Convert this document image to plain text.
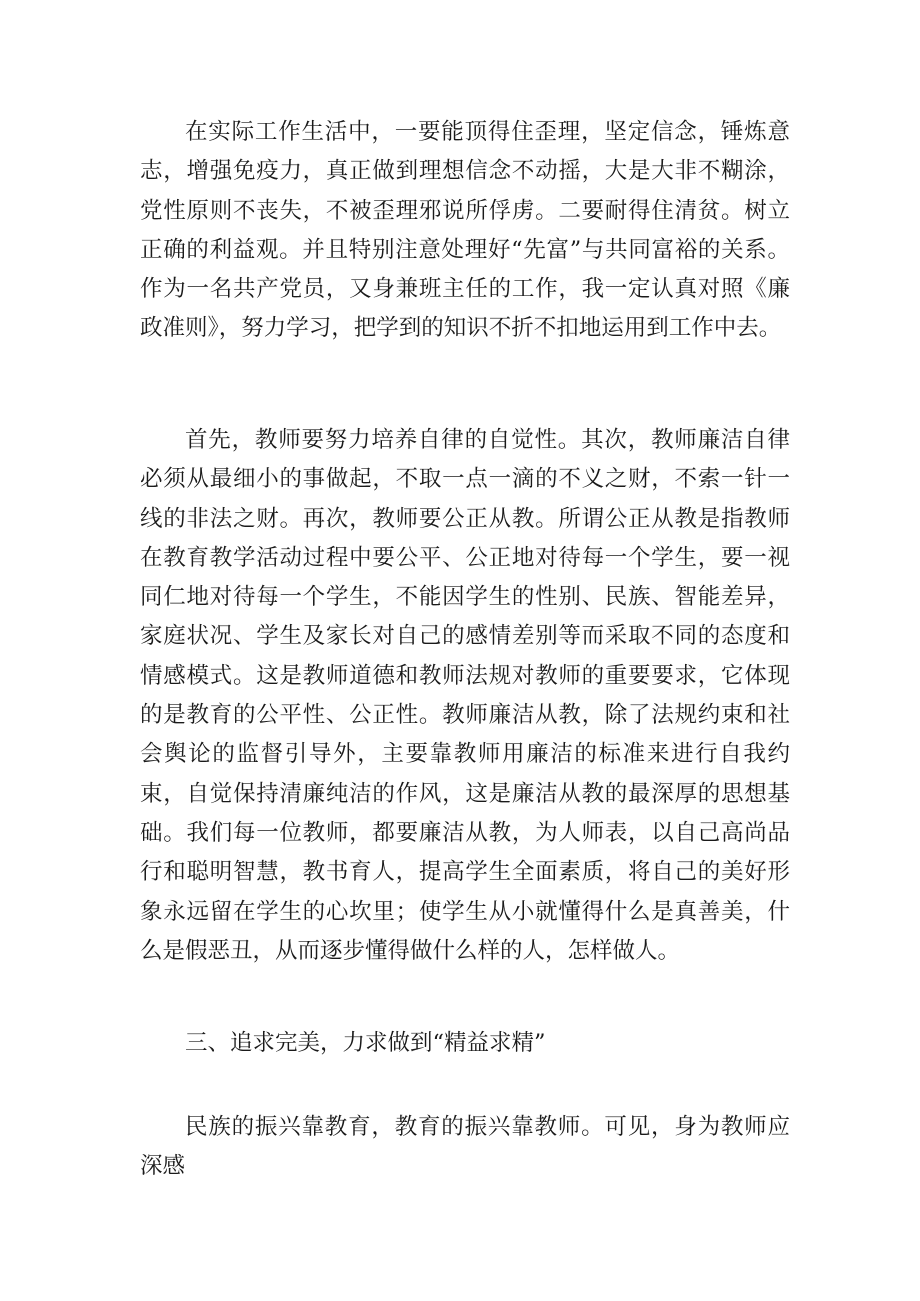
在实际工作生活中，一要能顶得住歪理，坚定信念，锤炼意志，增强免疫力，真正做到理想信念不动摇，大是大非不糊涂，党性原则不丧失，不被歪理邪说所俘虏。二要耐得住清贫。树立正确的利益观。并且特别注意处理好“先富”与共同富裕的关系。作为一名共产党员，又身兼班主任的工作，我一定认真对照《廉政准则》，努力学习，把学到的知识不折不扣地运用到工作中去。

首先，教师要努力培养自律的自觉性。其次，教师廉洁自律必须从最细小的事做起，不取一点一滴的不义之财，不索一针一线的非法之财。再次，教师要公正从教。所谓公正从教是指教师在教育教学活动过程中要公平、公正地对待每一个学生，要一视同仁地对待每一个学生，不能因学生的性别、民族、智能差异，家庭状况、学生及家长对自己的感情差别等而采取不同的态度和情感模式。这是教师道德和教师法规对教师的重要要求，它体现的是教育的公平性、公正性。教师廉洁从教，除了法规约束和社会舆论的监督引导外，主要靠教师用廉洁的标准来进行自我约束，自觉保持清廉纯洁的作风，这是廉洁从教的最深厚的思想基础。我们每一位教师，都要廉洁从教，为人师表，以自己高尚品行和聪明智慧，教书育人，提高学生全面素质，将自己的美好形象永远留在学生的心坎里；使学生从小就懂得什么是真善美，什么是假恶丑，从而逐步懂得做什么样的人，怎样做人。

三、追求完美，力求做到“精益求精”

民族的振兴靠教育，教育的振兴靠教师。可见，身为教师应深感
